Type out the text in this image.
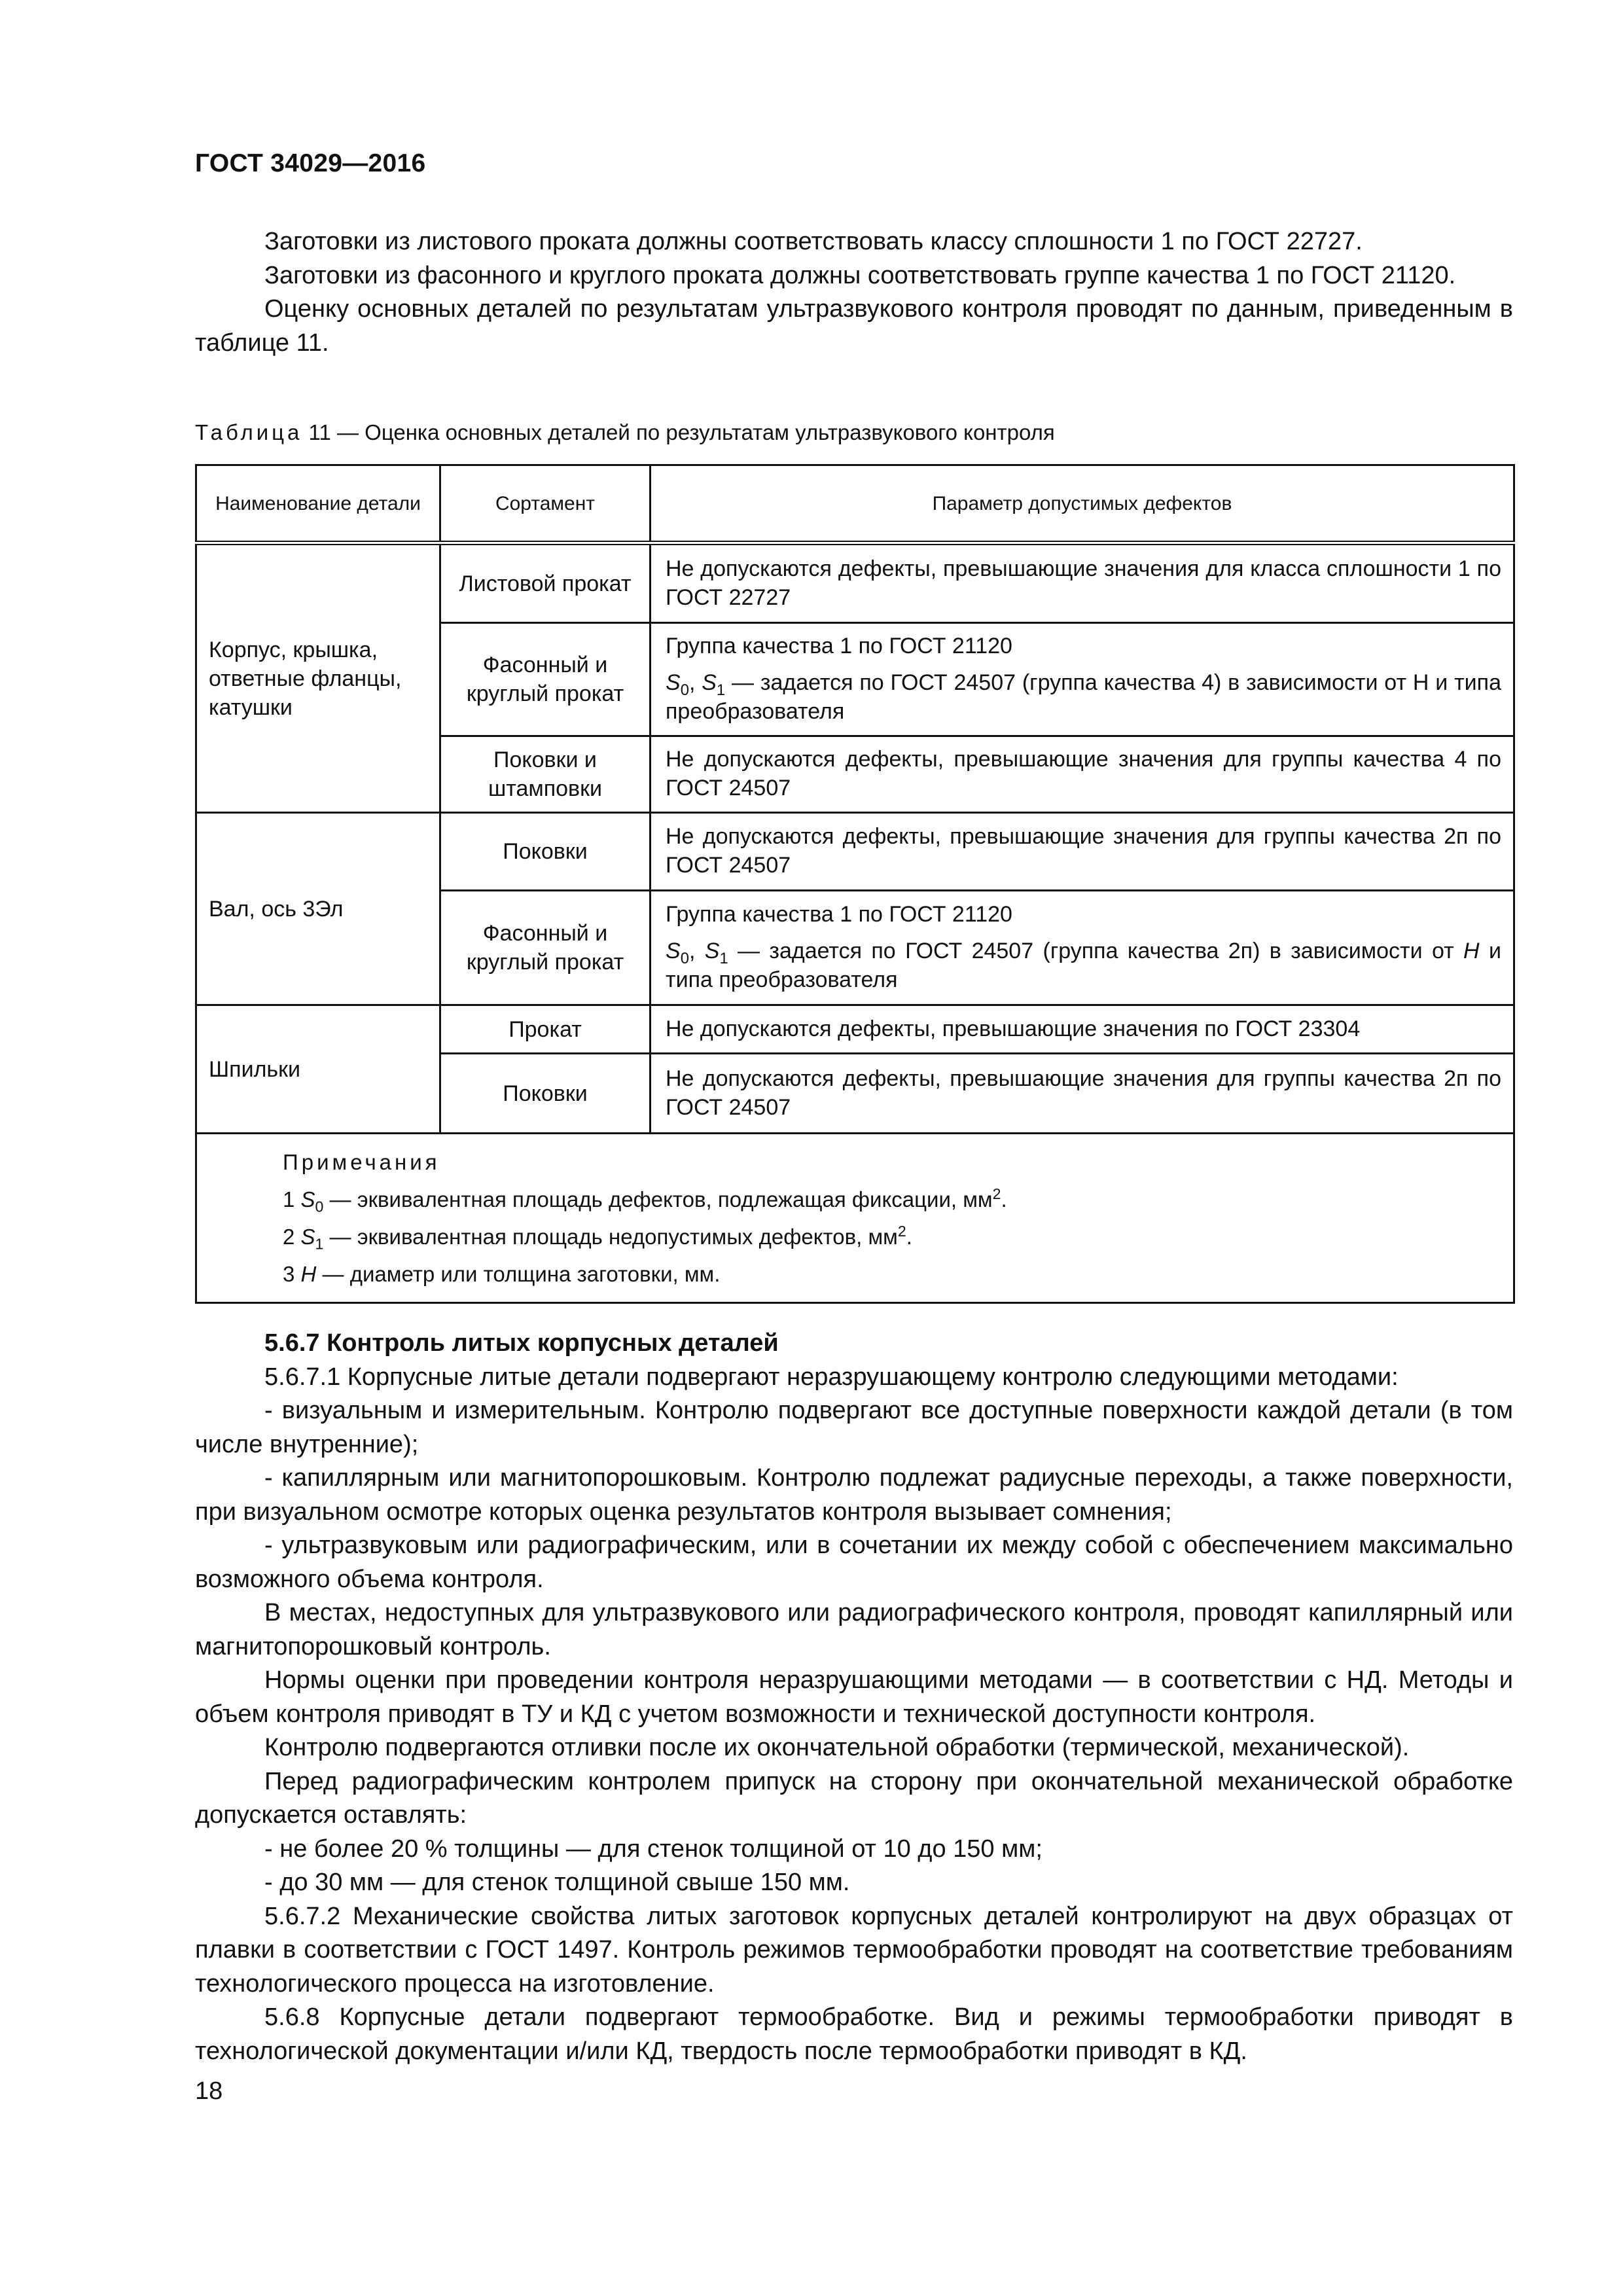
ГОСТ 34029—2016

Заготовки из листового проката должны соответствовать классу сплошности 1 по ГОСТ 22727.

Заготовки из фасонного и круглого проката должны соответствовать группе качества 1 по ГОСТ 21120.

Оценку основных деталей по результатам ультразвукового контроля проводят по данным, приведенным в таблице 11.

Таблица 11 — Оценка основных деталей по результатам ультразвукового контроля
Наименование детали	Сортамент	Параметр допустимых дефектов
Корпус, крышка, ответные фланцы, катушки	Листовой прокат	Не допускаются дефекты, превышающие значения для класса сплошности 1 по ГОСТ 22727

	Фасонный и круглый прокат	Группа качества 1 по ГОСТ 21120
$S_0$, $S_1$ — задается по ГОСТ 24507 (группа качества 4) в зависимости от Н и типа преобразователя

	Поковки и штамповки	Не допускаются дефекты, превышающие значения для группы качества 4 по ГОСТ 24507

Вал, ось 3Эл	Поковки	Не допускаются дефекты, превышающие значения для группы качества 2п по ГОСТ 24507

	Фасонный и круглый прокат	Группа качества 1 по ГОСТ 21120
$S_0$, $S_1$ — задается по ГОСТ 24507 (группа качества 2п) в зависимости от H и типа преобразователя

Шпильки	Прокат	Не допускаются дефекты, превышающие значения по ГОСТ 23304

	Поковки	Не допускаются дефекты, превышающие значения для группы качества 2п по ГОСТ 24507

Примечания
1 $S_0$ — эквивалентная площадь дефектов, подлежащая фиксации, $мм^2$.
2 $S_1$ — эквивалентная площадь недопустимых дефектов, $мм^2$.
3 H — диаметр или толщина заготовки, мм.		

5.6.7 Контроль литых корпусных деталей

5.6.7.1 Корпусные литые детали подвергают неразрушающему контролю следующими методами:

- визуальным и измерительным. Контролю подвергают все доступные поверхности каждой детали (в том числе внутренние);

- капиллярным или магнитопорошковым. Контролю подлежат радиусные переходы, а также поверхности, при визуальном осмотре которых оценка результатов контроля вызывает сомнения;

- ультразвуковым или радиографическим, или в сочетании их между собой с обеспечением максимально возможного объема контроля.

В местах, недоступных для ультразвукового или радиографического контроля, проводят капиллярный или магнитопорошковый контроль.

Нормы оценки при проведении контроля неразрушающими методами — в соответствии с НД. Методы и объем контроля приводят в ТУ и КД с учетом возможности и технической доступности контроля.

Контролю подвергаются отливки после их окончательной обработки (термической, механической).

Перед радиографическим контролем припуск на сторону при окончательной механической обработке допускается оставлять:

- не более 20 % толщины — для стенок толщиной от 10 до 150 мм;

- до 30 мм — для стенок толщиной свыше 150 мм.

5.6.7.2 Механические свойства литых заготовок корпусных деталей контролируют на двух образцах от плавки в соответствии с ГОСТ 1497. Контроль режимов термообработки проводят на соответствие требованиям технологического процесса на изготовление.

5.6.8 Корпусные детали подвергают термообработке. Вид и режимы термообработки приводят в технологической документации и/или КД, твердость после термообработки приводят в КД.

18
